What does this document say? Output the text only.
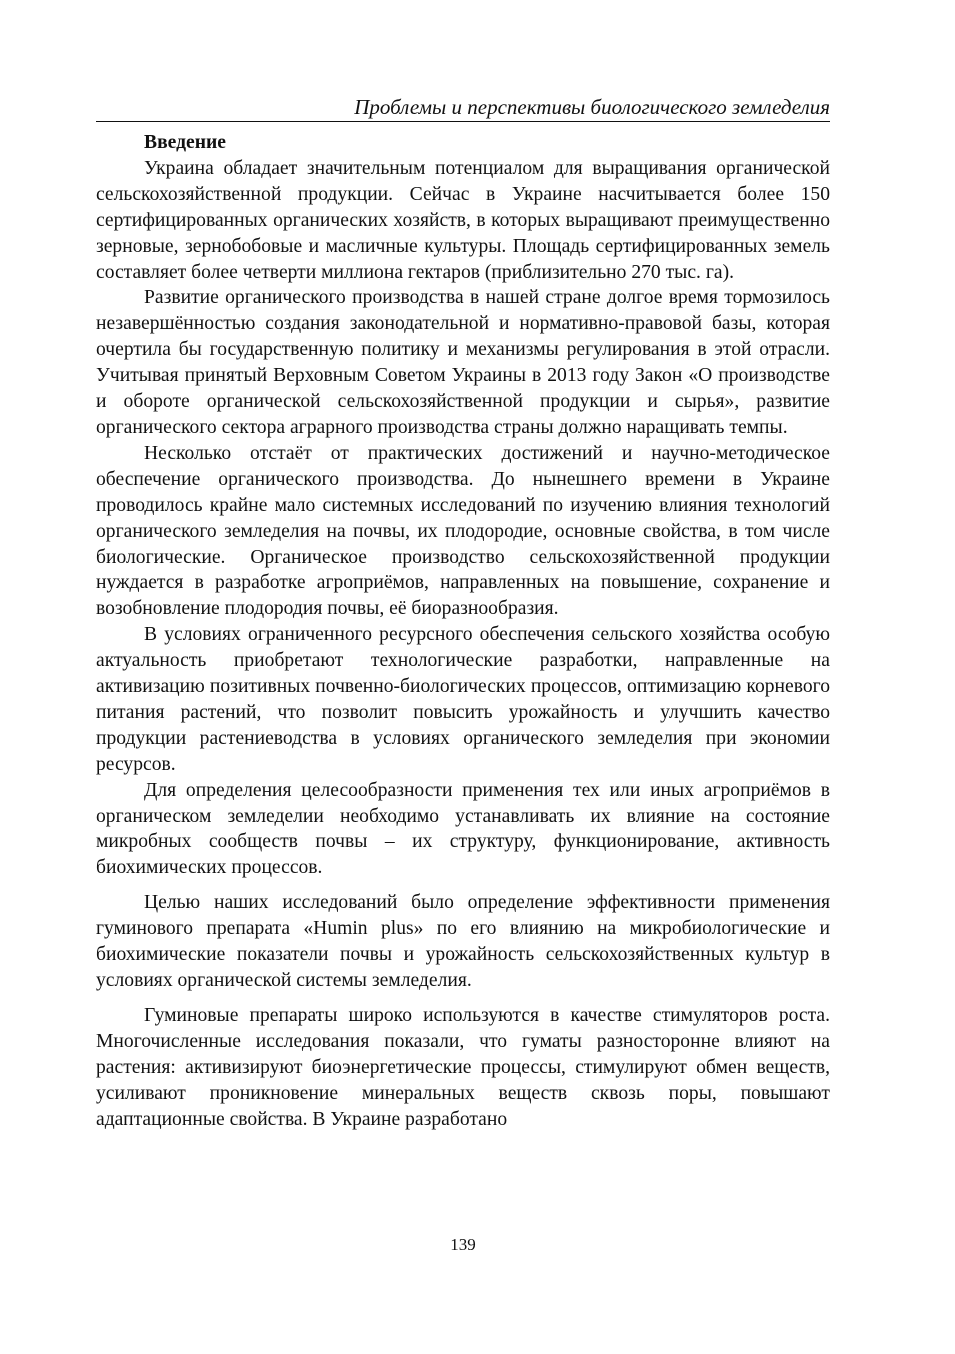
Проблемы и перспективы биологического земледелия
Введение

Украина обладает значительным потенциалом для выращивания органической сельскохозяйственной продукции. Сейчас в Украине насчитывается более 150 сертифицированных органических хозяйств, в которых выращивают преимущественно зерновые, зернобобовые и масличные культуры. Площадь сертифицированных земель составляет более четверти миллиона гектаров (приблизительно 270 тыс. га).

Развитие органического производства в нашей стране долгое время тормозилось незавершённостью создания законодательной и нормативно-правовой базы, которая очертила бы государственную политику и механизмы регулирования в этой отрасли. Учитывая принятый Верховным Советом Украины в 2013 году Закон «О производстве и обороте органической сельскохозяйственной продукции и сырья», развитие органического сектора аграрного производства страны должно наращивать темпы.

Несколько отстаёт от практических достижений и научно-методическое обеспечение органического производства. До нынешнего времени в Украине проводилось крайне мало системных исследований по изучению влияния технологий органического земледелия на почвы, их плодородие, основные свойства, в том числе биологические. Органическое производство сельскохозяйственной продукции нуждается в разработке агроприёмов, направленных на повышение, сохранение и возобновление плодородия почвы, её биоразнообразия.

В условиях ограниченного ресурсного обеспечения сельского хозяйства особую актуальность приобретают технологические разработки, направленные на активизацию позитивных почвенно-биологических процессов, оптимизацию корневого питания растений, что позволит повысить урожайность и улучшить качество продукции растениеводства в условиях органического земледелия при экономии ресурсов.

Для определения целесообразности применения тех или иных агроприёмов в органическом земледелии необходимо устанавливать их влияние на состояние микробных сообществ почвы – их структуру, функционирование, активность биохимических процессов.

Целью наших исследований было определение эффективности применения гуминового препарата «Humin plus» по его влиянию на микробиологические и биохимические показатели почвы и урожайность сельскохозяйственных культур в условиях органической системы земледелия.

Гуминовые препараты широко используются в качестве стимуляторов роста. Многочисленные исследования показали, что гуматы разносторонне влияют на растения: активизируют биоэнергетические процессы, стимулируют обмен веществ, усиливают проникновение минеральных веществ сквозь поры, повышают адаптационные свойства. В Украине разработано

139
